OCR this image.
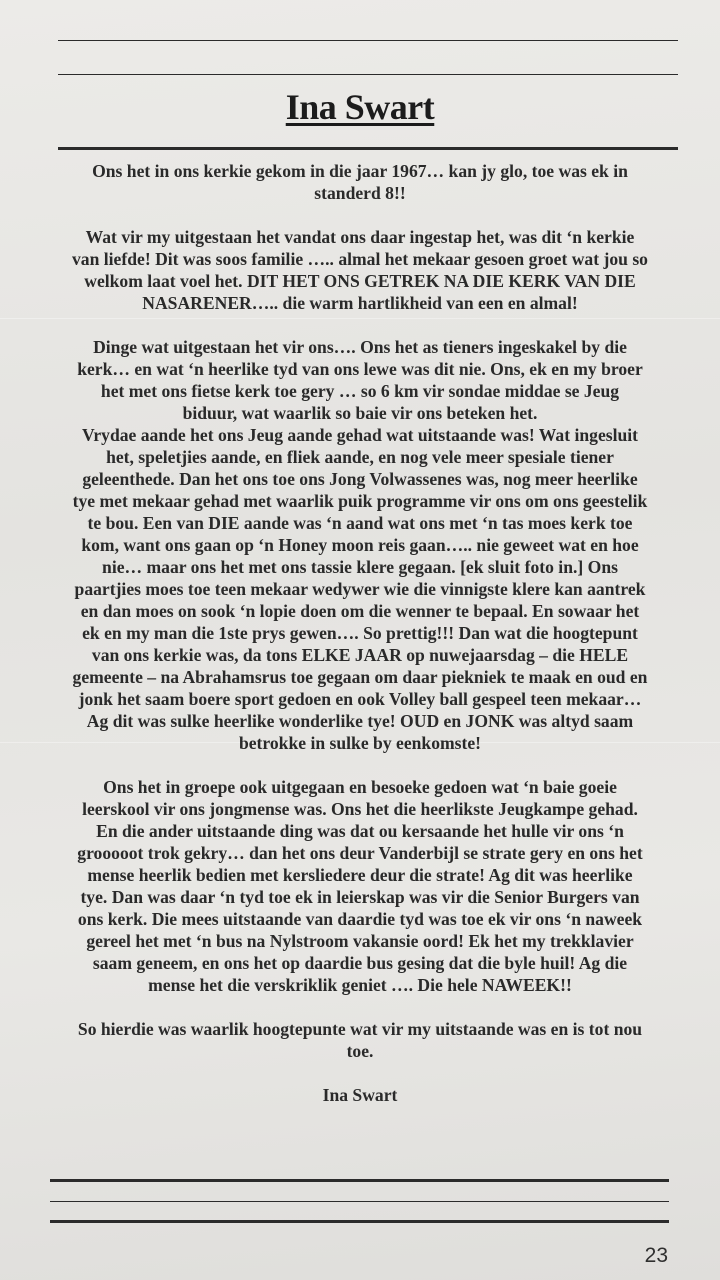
Ina Swart

Ons het in ons kerkie gekom in die jaar 1967… kan jy glo, toe was ek in standerd 8!!

Wat vir my uitgestaan het vandat ons daar ingestap het, was dit ‘n kerkie van liefde! Dit was soos familie ….. almal het mekaar gesoen groet wat jou so welkom laat voel het. DIT HET ONS GETREK NA DIE KERK VAN DIE NASARENER….. die warm hartlikheid van een en almal!

Dinge wat uitgestaan het vir ons…. Ons het as tieners ingeskakel by die kerk… en wat ‘n heerlike tyd van ons lewe was dit nie. Ons, ek en my broer het met ons fietse kerk toe gery … so 6 km vir sondae middae se Jeug biduur, wat waarlik so baie vir ons beteken het.

Vrydae aande het ons Jeug aande gehad wat uitstaande was! Wat ingesluit het, speletjies aande, en fliek aande, en nog vele meer spesiale tiener geleenthede. Dan het ons toe ons Jong Volwassenes was, nog meer heerlike tye met mekaar gehad met waarlik puik programme vir ons om ons geestelik te bou. Een van DIE aande was ‘n aand wat ons met ‘n tas moes kerk toe kom, want ons gaan op ‘n Honey moon reis gaan….. nie geweet wat en hoe nie… maar ons het met ons tassie klere gegaan. [ek sluit foto in.] Ons paartjies moes toe teen mekaar wedywer wie die vinnigste klere kan aantrek en dan moes on sook ‘n lopie doen om die wenner te bepaal. En sowaar het ek en my man die 1ste prys gewen…. So prettig!!! Dan wat die hoogtepunt van ons kerkie was, da tons ELKE JAAR op nuwejaarsdag – die HELE gemeente – na Abrahamsrus toe gegaan om daar piekniek te maak en oud en jonk het saam boere sport gedoen en ook Volley ball gespeel teen mekaar… Ag dit was sulke heerlike wonderlike tye! OUD en JONK was altyd saam betrokke in sulke by eenkomste!

Ons het in groepe ook uitgegaan en besoeke gedoen wat ‘n baie goeie leerskool vir ons jongmense was. Ons het die heerlikste Jeugkampe gehad. En die ander uitstaande ding was dat ou kersaande het hulle vir ons ‘n grooooot trok gekry… dan het ons deur Vanderbijl se strate gery en ons het mense heerlik bedien met kersliedere deur die strate! Ag dit was heerlike tye. Dan was daar ‘n tyd toe ek in leierskap was vir die Senior Burgers van ons kerk. Die mees uitstaande van daardie tyd was toe ek vir ons ‘n naweek gereel het met ‘n bus na Nylstroom vakansie oord! Ek het my trekklavier saam geneem, en ons het op daardie bus gesing dat die byle huil! Ag die mense het die verskriklik geniet …. Die hele NAWEEK!!

So hierdie was waarlik hoogtepunte wat vir my uitstaande was en is tot nou toe.

Ina Swart

23
